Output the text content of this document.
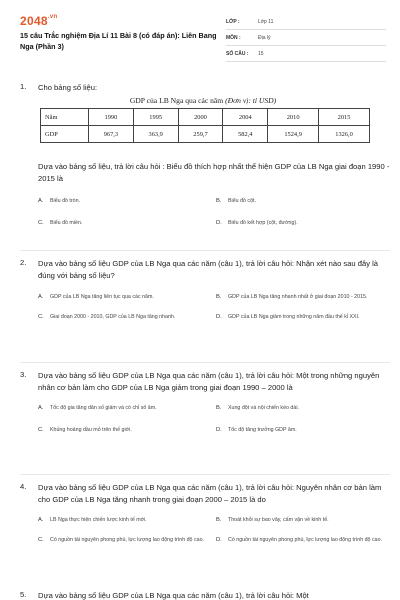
$2048^{.vn}$
15 câu Trắc nghiệm Địa Lí 11 Bài 8 (có đáp án): Liên Bang Nga (Phần 3)
LỚP :	Lớp 11
MÔN :	Địa lý
SỐ CÂU :	15
1. Cho bảng số liệu:
GDP của LB Nga qua các năm (Đơn vị: tỉ USD)
Năm	1990	1995	2000	2004	2010	2015
GDP	967,3	363,9	259,7	582,4	1524,9	1326,0
Dựa vào bảng số liệu, trả lời câu hỏi : Biểu đồ thích hợp nhất thể hiện GDP của LB Nga giai đoạn 1990 - 2015 là
A.	Biểu đồ tròn.	B.	Biểu đồ cột.
C.	Biểu đồ miền.	D.	Biểu đồ kết hợp (cột, đường).
2. Dựa vào bảng số liệu GDP của LB Nga qua các năm (câu 1), trả lời câu hỏi: Nhận xét nào sau đây là đúng với bảng số liệu?
A.	GDP của LB Nga tăng liên tục qua các năm.	B.	GDP của LB Nga tăng nhanh nhất ở giai đoạn 2010 - 2015.
C.	Giai đoạn 2000 - 2010, GDP của LB Nga tăng nhanh.	D.	GDP của LB Nga giảm trong những năm đầu thế kỉ XXI.
3. Dựa vào bảng số liệu GDP của LB Nga qua các năm (câu 1), trả lời câu hỏi: Một trong những nguyên nhân cơ bản làm cho GDP của LB Nga giảm trong giai đoạn 1990 – 2000 là
A.	Tốc độ gia tăng dân số giảm và có chỉ số âm.	B.	Xung đột và nội chiến kéo dài.
C.	Khủng hoảng dầu mỏ trên thế giới.	D.	Tốc độ tăng trưởng GDP âm.
4. Dựa vào bảng số liệu GDP của LB Nga qua các năm (câu 1), trả lời câu hỏi: Nguyên nhân cơ bản làm cho GDP của LB Nga tăng nhanh trong giai đoạn 2000 – 2015 là do
A.	LB Nga thực hiện chiến lược kinh tế mới.	B.	Thoát khỏi sự bao vây, cấm vận về kinh tế.
C.	Có nguồn tài nguyên phong phú, lực lượng lao động trình độ cao. D.	Có nguồn tài nguyên phong phú, lực lượng lao động trình độ cao.
5. Dựa vào bảng số liệu GDP của LB Nga qua các năm (câu 1), trả lời câu hỏi: Một
